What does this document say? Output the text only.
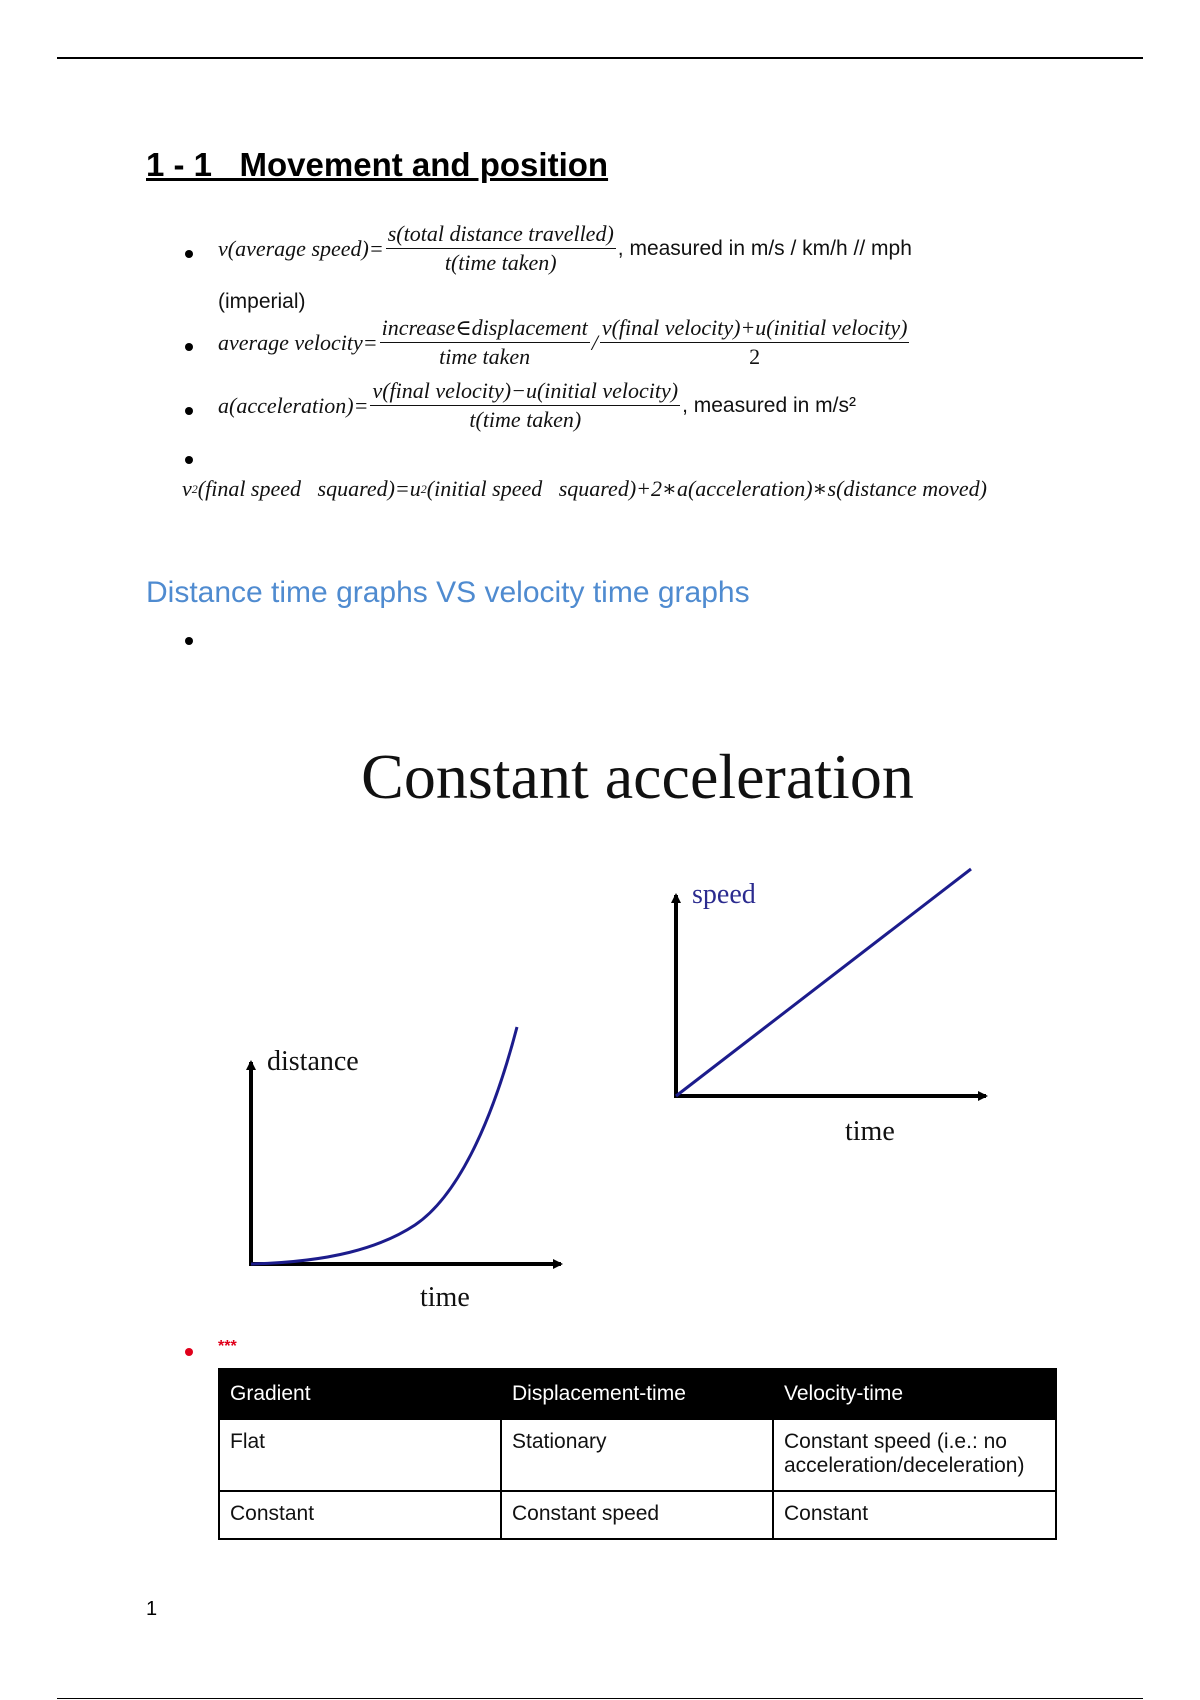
1 - 1   Movement and position
v(average speed)= $\frac{\text{s(total distance travelled)}}{\text{t(time taken)}}$ , measured in m/s / km/h // mph
(imperial)
average velocity= $\frac{\text{increase∈displacement}}{\text{time taken}} / \frac{\text{v(final velocity)+u(initial velocity)}}{2}$
a(acceleration)= $\frac{\text{v(final velocity)−u(initial velocity)}}{\text{t(time taken)}}$ , measured in m/s²
v 2 (final speed   squared)=u 2 (initial speed   squared)+2∗a(acceleration)∗s(distance moved)
Distance time graphs VS velocity time graphs
Constant acceleration
speed
time
distance
time
***
Gradient	Displacement-time	Velocity-time
Flat	Stationary	Constant speed (i.e.: no acceleration/deceleration)
Constant	Constant speed	Constant
1
